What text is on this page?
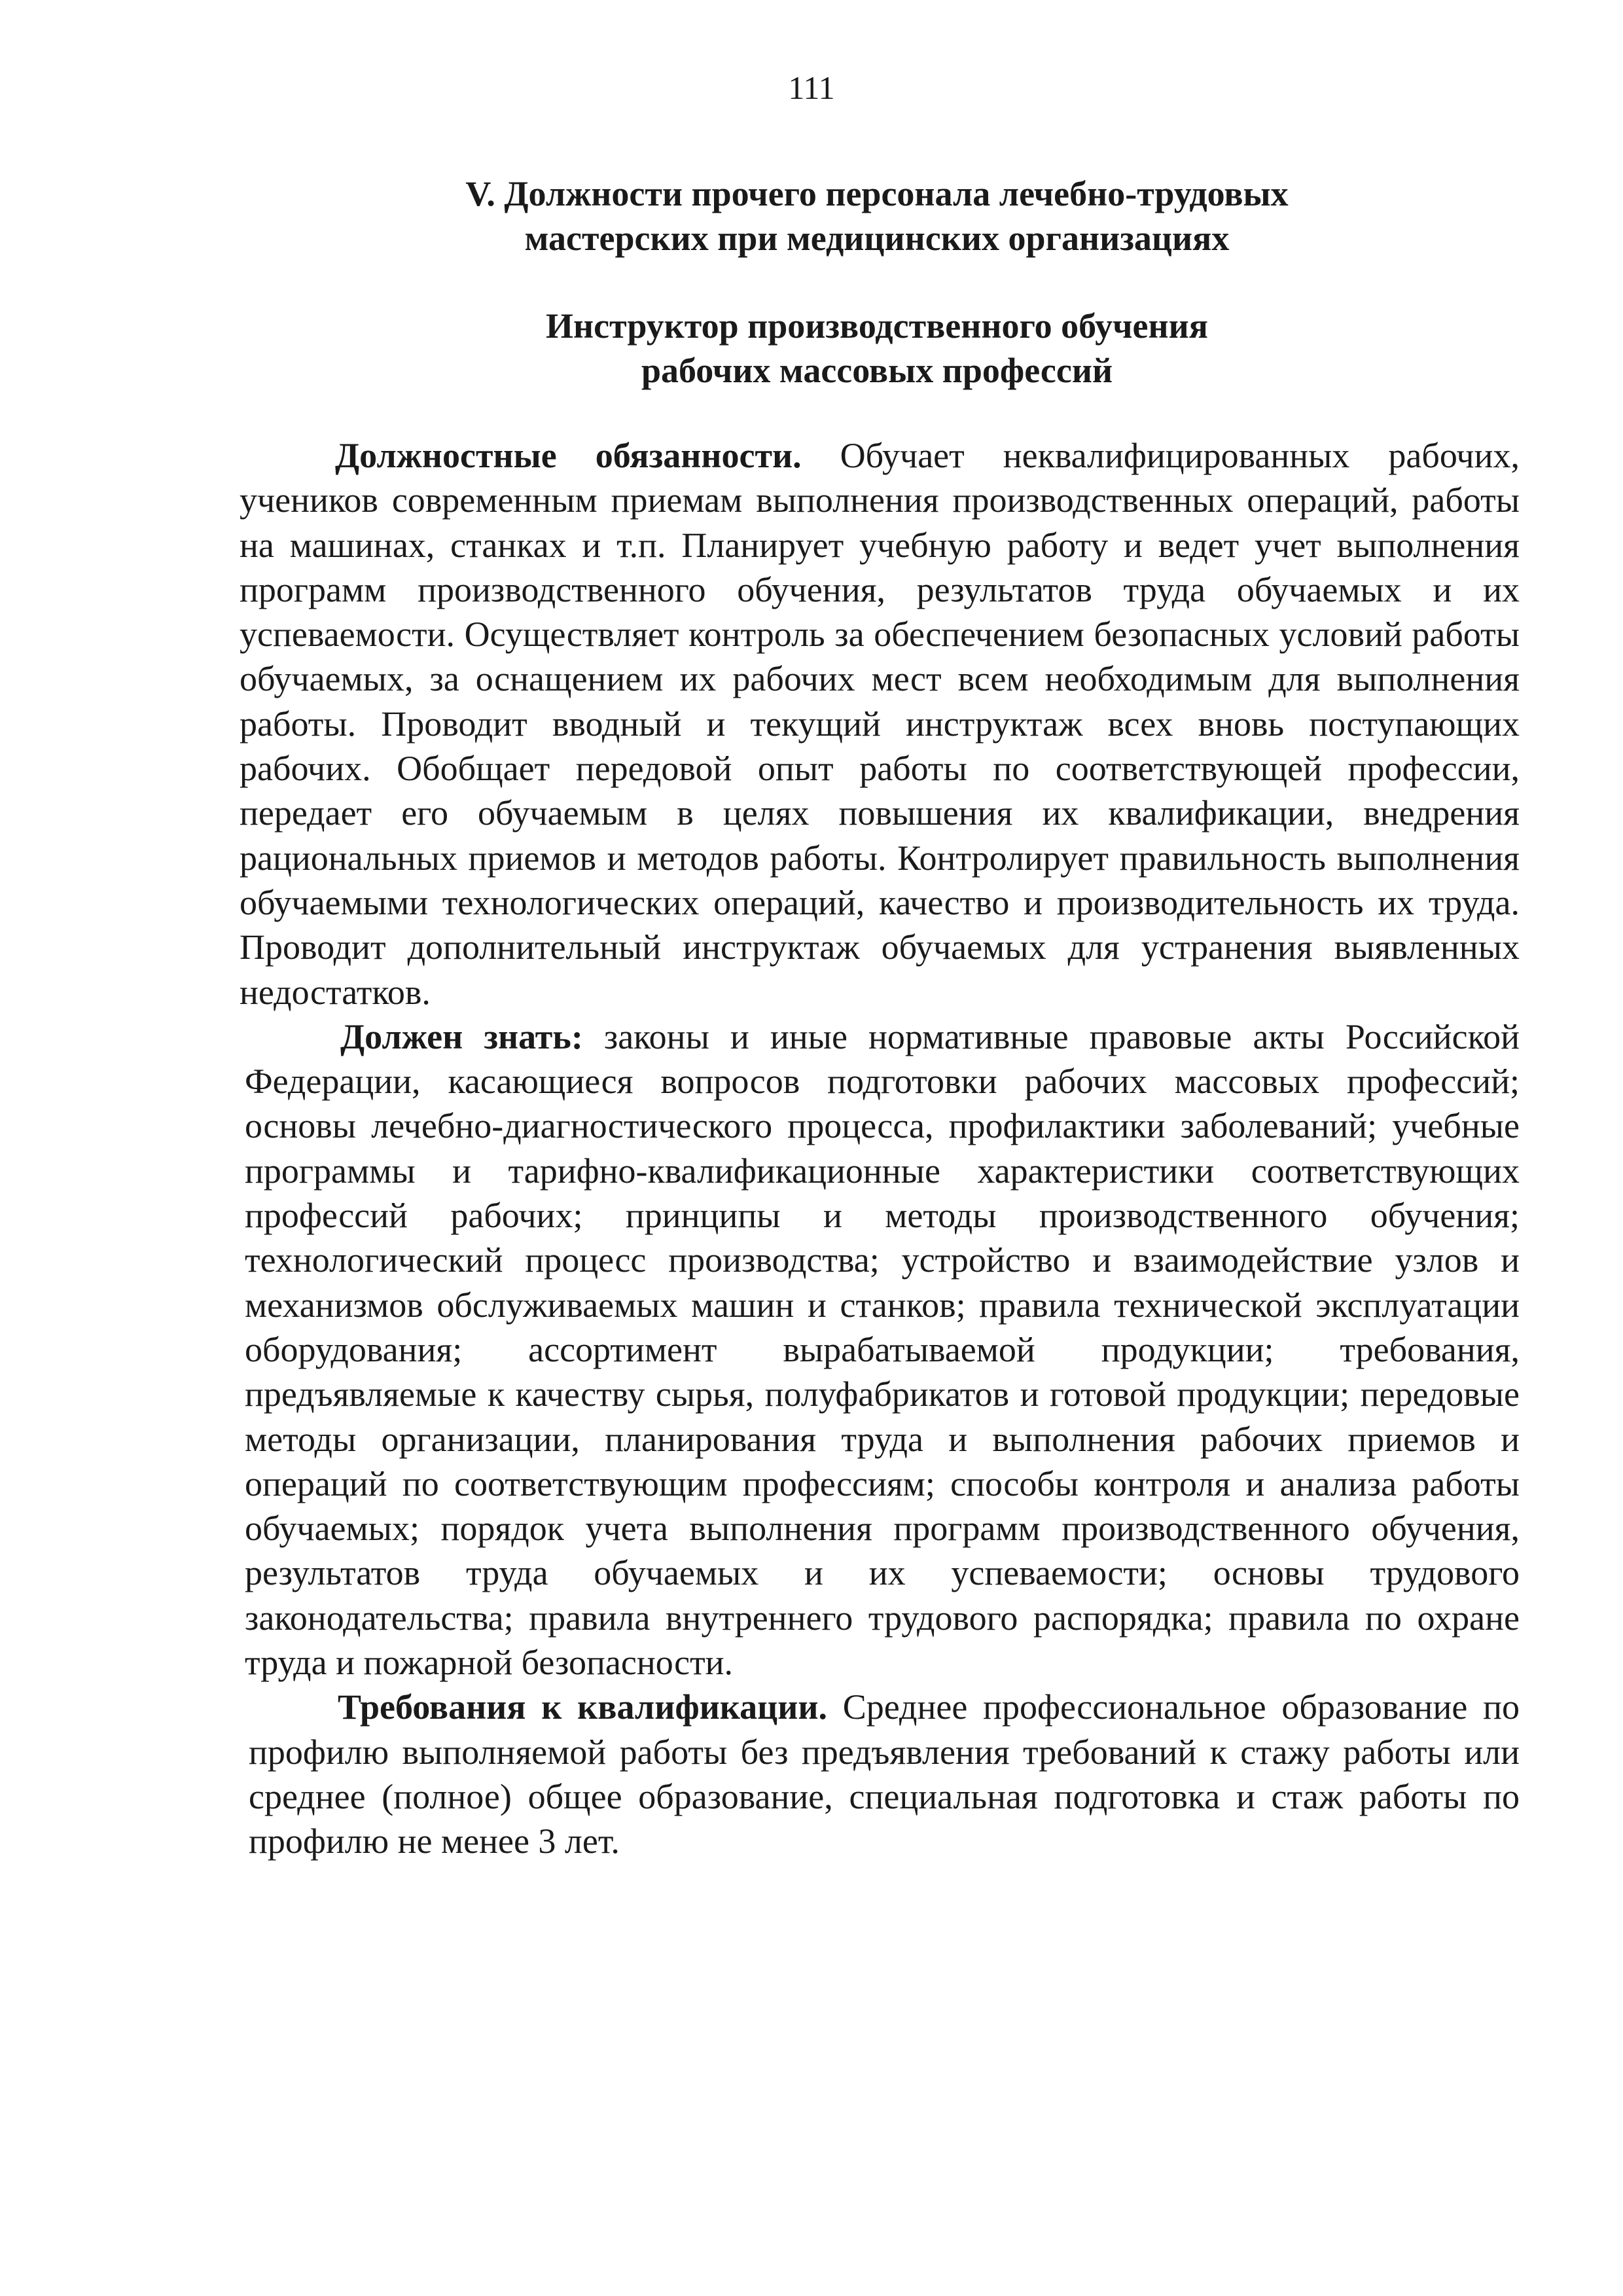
111
V. Должности прочего персонала лечебно-трудовых
мастерских при медицинских организациях
Инструктор производственного обучения
рабочих массовых профессий

Должностные обязанности. Обучает неквалифицированных рабочих, учеников современным приемам выполнения производственных операций, работы на машинах, станках и т.п. Планирует учебную работу и ведет учет выполнения программ производственного обучения, результатов труда обучаемых и их успеваемости. Осуществляет контроль за обеспечением безопасных условий работы обучаемых, за оснащением их рабочих мест всем необходимым для выполнения работы. Проводит вводный и текущий инструктаж всех вновь поступающих рабочих. Обобщает передовой опыт работы по соответствующей профессии, передает его обучаемым в целях повышения их квалификации, внедрения рациональных приемов и методов работы. Контролирует правильность выполнения обучаемыми технологических операций, качество и производительность их труда. Проводит дополнительный инструктаж обучаемых для устранения выявленных недостатков.

Должен знать: законы и иные нормативные правовые акты Российской Федерации, касающиеся вопросов подготовки рабочих массовых профессий; основы лечебно-диагностического процесса, профилактики заболеваний; учебные программы и тарифно-квалификационные характеристики соответствующих профессий рабочих; принципы и методы производственного обучения; технологический процесс производства; устройство и взаимодействие узлов и механизмов обслуживаемых машин и станков; правила технической эксплуатации оборудования; ассортимент вырабатываемой продукции; требования, предъявляемые к качеству сырья, полуфабрикатов и готовой продукции; передовые методы организации, планирования труда и выполнения рабочих приемов и операций по соответствующим профессиям; способы контроля и анализа работы обучаемых; порядок учета выполнения программ производственного обучения, результатов труда обучаемых и их успеваемости; основы трудового законодательства; правила внутреннего трудового распорядка; правила по охране труда и пожарной безопасности.

Требования к квалификации. Среднее профессиональное образование по профилю выполняемой работы без предъявления требований к стажу работы или среднее (полное) общее образование, специальная подготовка и стаж работы по профилю не менее 3 лет.
